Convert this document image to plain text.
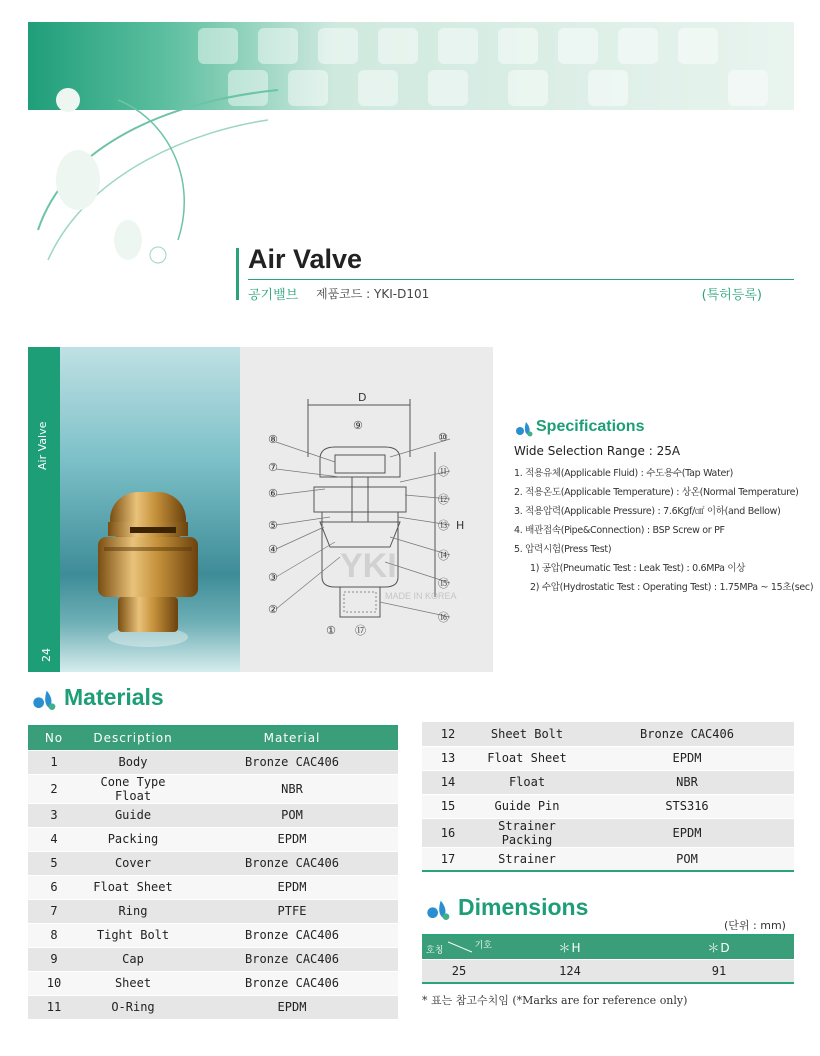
Air Valve
공기밸브 제품코드 : YKI-D101	(특허등록)
Air Valve
24
⑧
⑦
⑥
⑤
④
③
②
①
⑨
⑩
⑪
⑫
⑬
⑭
⑮
⑯
⑰
D
H
YKI
MADE IN KOREA
Specifications
Wide Selection Range : 25A
1. 적용유체(Applicable Fluid) : 수도용수(Tap Water)
2. 적용온도(Applicable Temperature) : 상온(Normal Temperature)
3. 적용압력(Applicable Pressure) : 7.6Kgf/㎠ 이하(and Bellow)
4. 배관접속(Pipe&Connection) : BSP Screw or PF
5. 압력시험(Press Test)
1) 공압(Pneumatic Test : Leak Test) : 0.6MPa 이상
2) 수압(Hydrostatic Test : Operating Test) : 1.75MPa ~ 15초(sec)
Materials
No	Description	Material
1	Body	Bronze CAC406
2	Cone Type Float	NBR
3	Guide	POM
4	Packing	EPDM
5	Cover	Bronze CAC406
6	Float Sheet	EPDM
7	Ring	PTFE
8	Tight Bolt	Bronze CAC406
9	Cap	Bronze CAC406
10	Sheet	Bronze CAC406
11	O-Ring	EPDM
12	Sheet Bolt	Bronze CAC406
13	Float Sheet	EPDM
14	Float	NBR
15	Guide Pin	STS316
16	Strainer Packing	EPDM
17	Strainer	POM
Dimensions
(단위 : mm)
호칭 기호	＊H	＊D
25	124	91
* 표는 참고수치임 (*Marks are for reference only)
